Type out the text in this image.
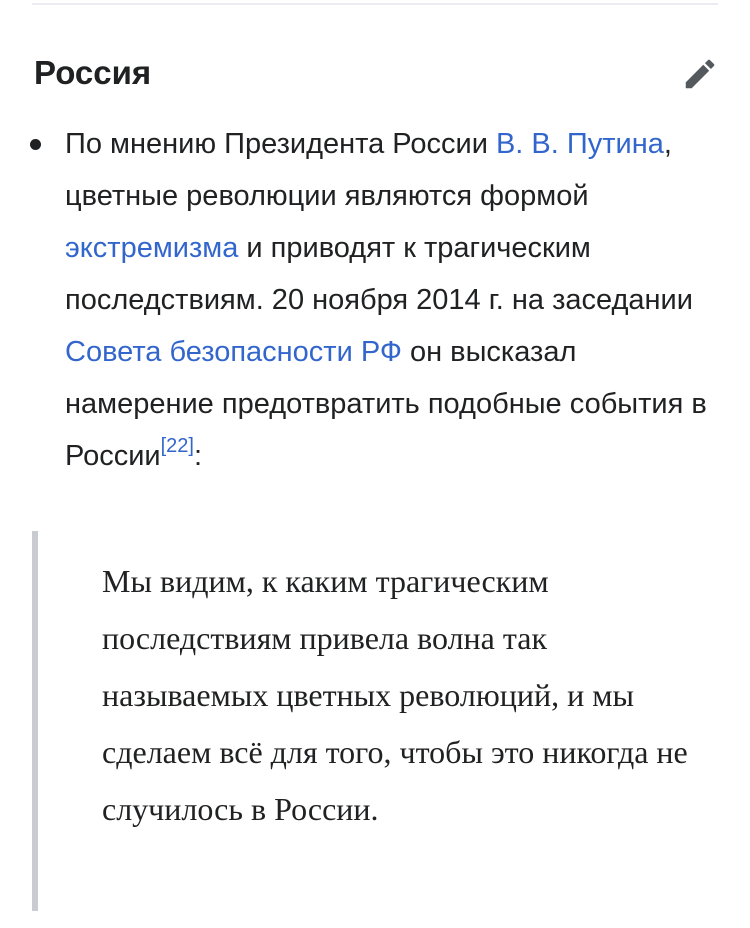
Россия
По мнению Президента России В. В. Путина, цветные революции являются формой экстремизма и приводят к трагическим последствиям. 20 ноября 2014 г. на заседании Совета безопасности РФ он высказал намерение предотвратить подобные события в России[22]:

Мы видим, к каким трагическим последствиям привела волна так называемых цветных революций, и мы сделаем всё для того, чтобы это никогда не случилось в России.
